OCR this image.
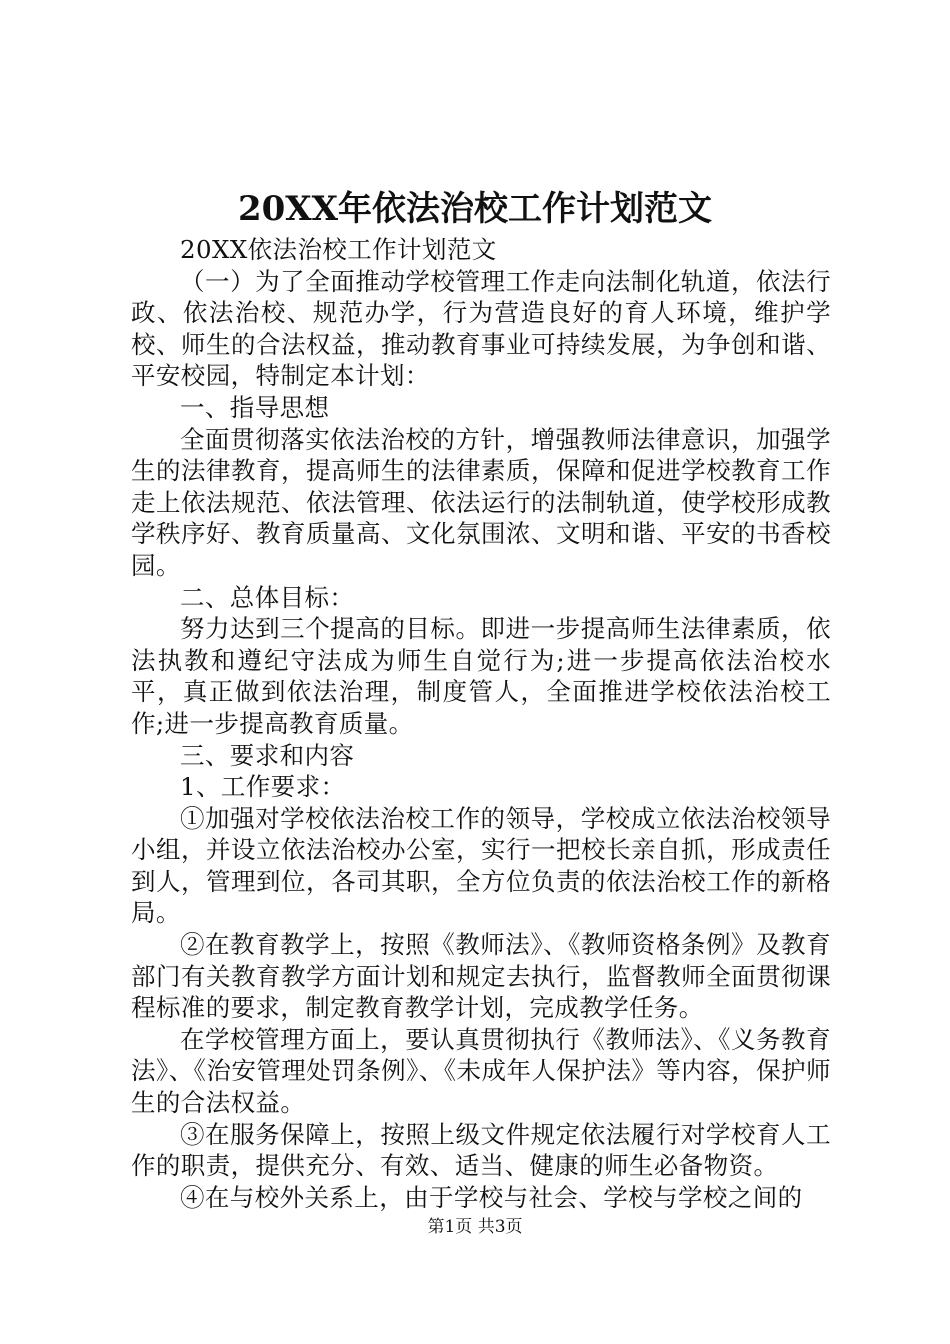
20XX年依法治校工作计划范文

20XX依法治校工作计划范文

（一）为了全面推动学校管理工作走向法制化轨道，依法行政、依法治校、规范办学，行为营造良好的育人环境，维护学校、师生的合法权益，推动教育事业可持续发展，为争创和谐、平安校园，特制定本计划：

一、指导思想

全面贯彻落实依法治校的方针，增强教师法律意识，加强学生的法律教育，提高师生的法律素质，保障和促进学校教育工作走上依法规范、依法管理、依法运行的法制轨道，使学校形成教学秩序好、教育质量高、文化氛围浓、文明和谐、平安的书香校园。

二、总体目标：

努力达到三个提高的目标。即进一步提高师生法律素质，依法执教和遵纪守法成为师生自觉行为;进一步提高依法治校水平，真正做到依法治理，制度管人，全面推进学校依法治校工作;进一步提高教育质量。

三、要求和内容

1、工作要求：

①加强对学校依法治校工作的领导，学校成立依法治校领导小组，并设立依法治校办公室，实行一把校长亲自抓，形成责任到人，管理到位，各司其职，全方位负责的依法治校工作的新格局。

②在教育教学上，按照《教师法》、《教师资格条例》及教育部门有关教育教学方面计划和规定去执行，监督教师全面贯彻课程标准的要求，制定教育教学计划，完成教学任务。

在学校管理方面上，要认真贯彻执行《教师法》、《义务教育法》、《治安管理处罚条例》、《未成年人保护法》等内容，保护师生的合法权益。

③在服务保障上，按照上级文件规定依法履行对学校育人工作的职责，提供充分、有效、适当、健康的师生必备物资。

④在与校外关系上，由于学校与社会、学校与学校之间的

第1页 共3页
